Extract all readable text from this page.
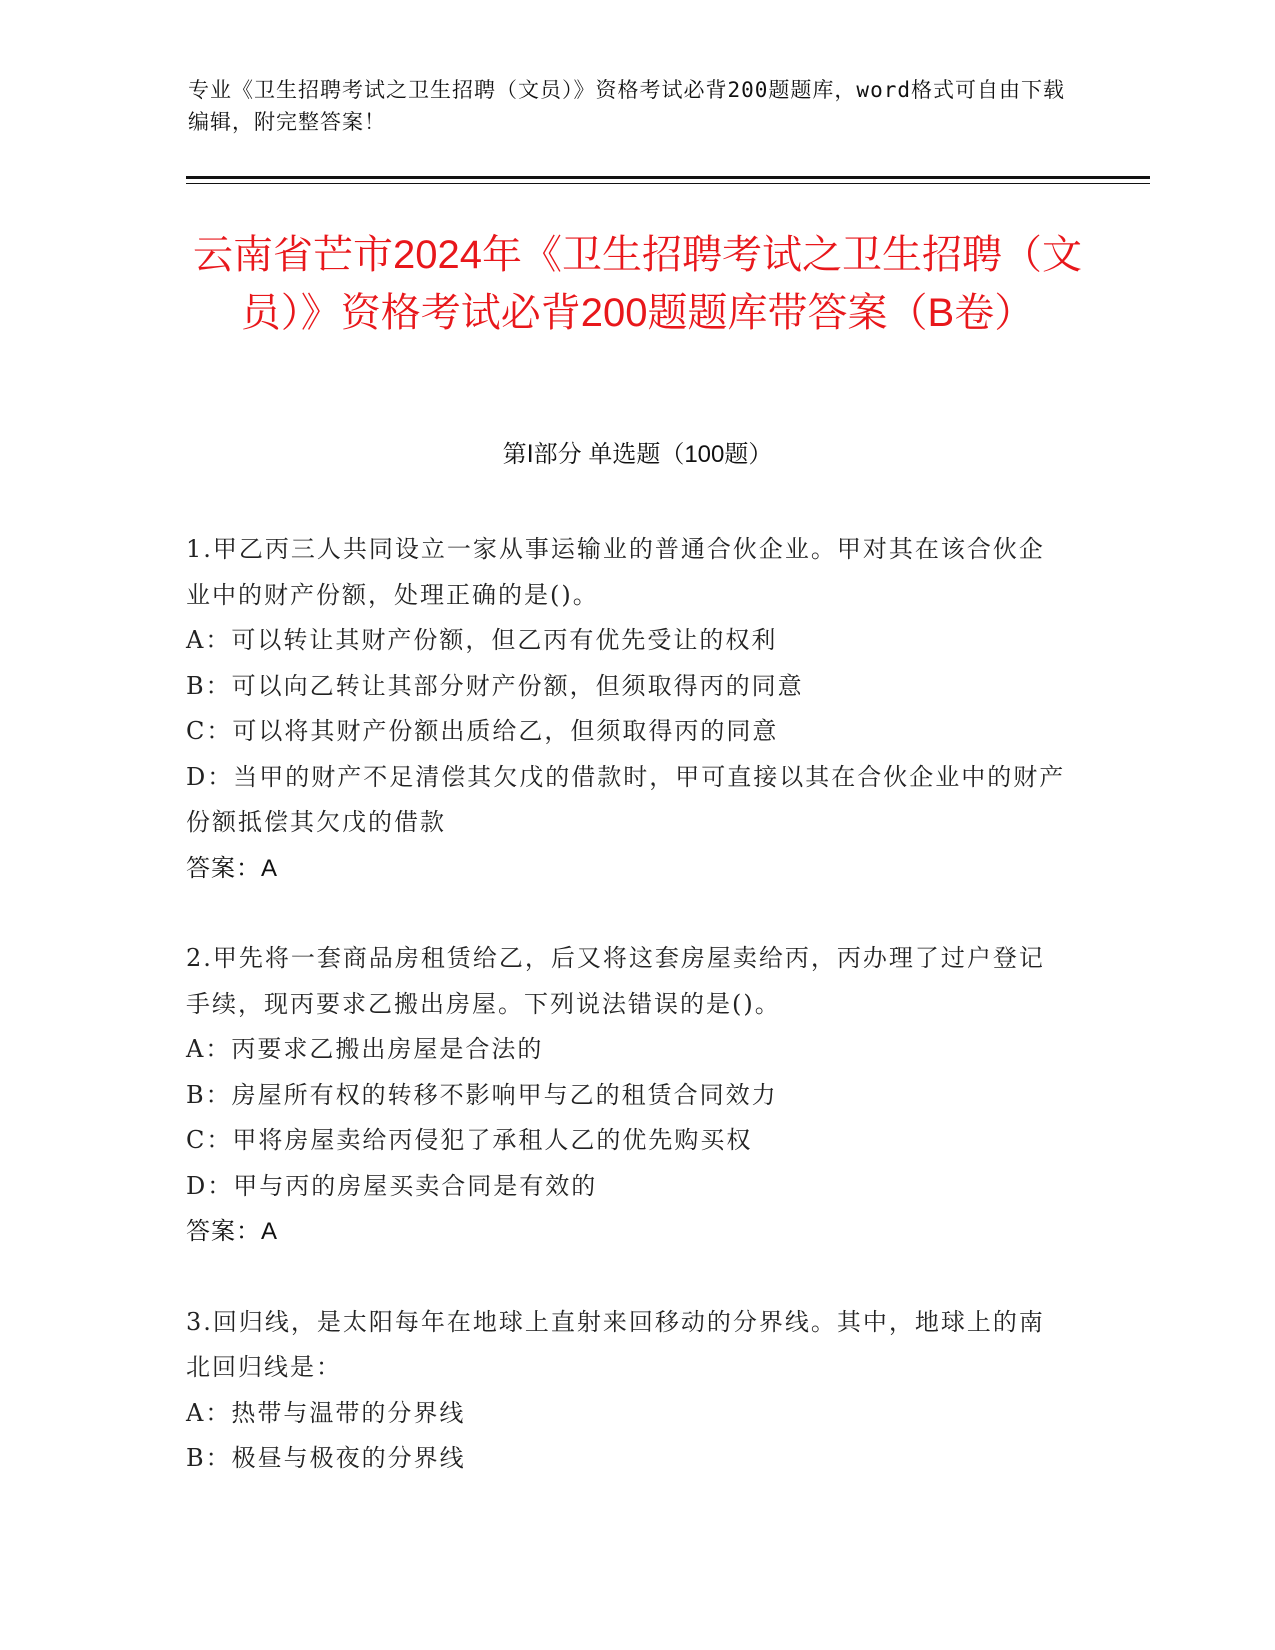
专业《卫生招聘考试之卫生招聘（文员）》资格考试必背200题题库，word格式可自由下载编辑，附完整答案！
云南省芒市2024年《卫生招聘考试之卫生招聘（文员）》资格考试必背200题题库带答案（B卷）
第Ⅰ部分 单选题（100题）

1.甲乙丙三人共同设立一家从事运输业的普通合伙企业。甲对其在该合伙企业中的财产份额，处理正确的是()。

A：可以转让其财产份额，但乙丙有优先受让的权利

B：可以向乙转让其部分财产份额，但须取得丙的同意

C：可以将其财产份额出质给乙，但须取得丙的同意

D：当甲的财产不足清偿其欠戊的借款时，甲可直接以其在合伙企业中的财产份额抵偿其欠戊的借款

答案：A

2.甲先将一套商品房租赁给乙，后又将这套房屋卖给丙，丙办理了过户登记手续，现丙要求乙搬出房屋。下列说法错误的是()。

A：丙要求乙搬出房屋是合法的

B：房屋所有权的转移不影响甲与乙的租赁合同效力

C：甲将房屋卖给丙侵犯了承租人乙的优先购买权

D：甲与丙的房屋买卖合同是有效的

答案：A

3.回归线，是太阳每年在地球上直射来回移动的分界线。其中，地球上的南北回归线是：

A：热带与温带的分界线

B：极昼与极夜的分界线
